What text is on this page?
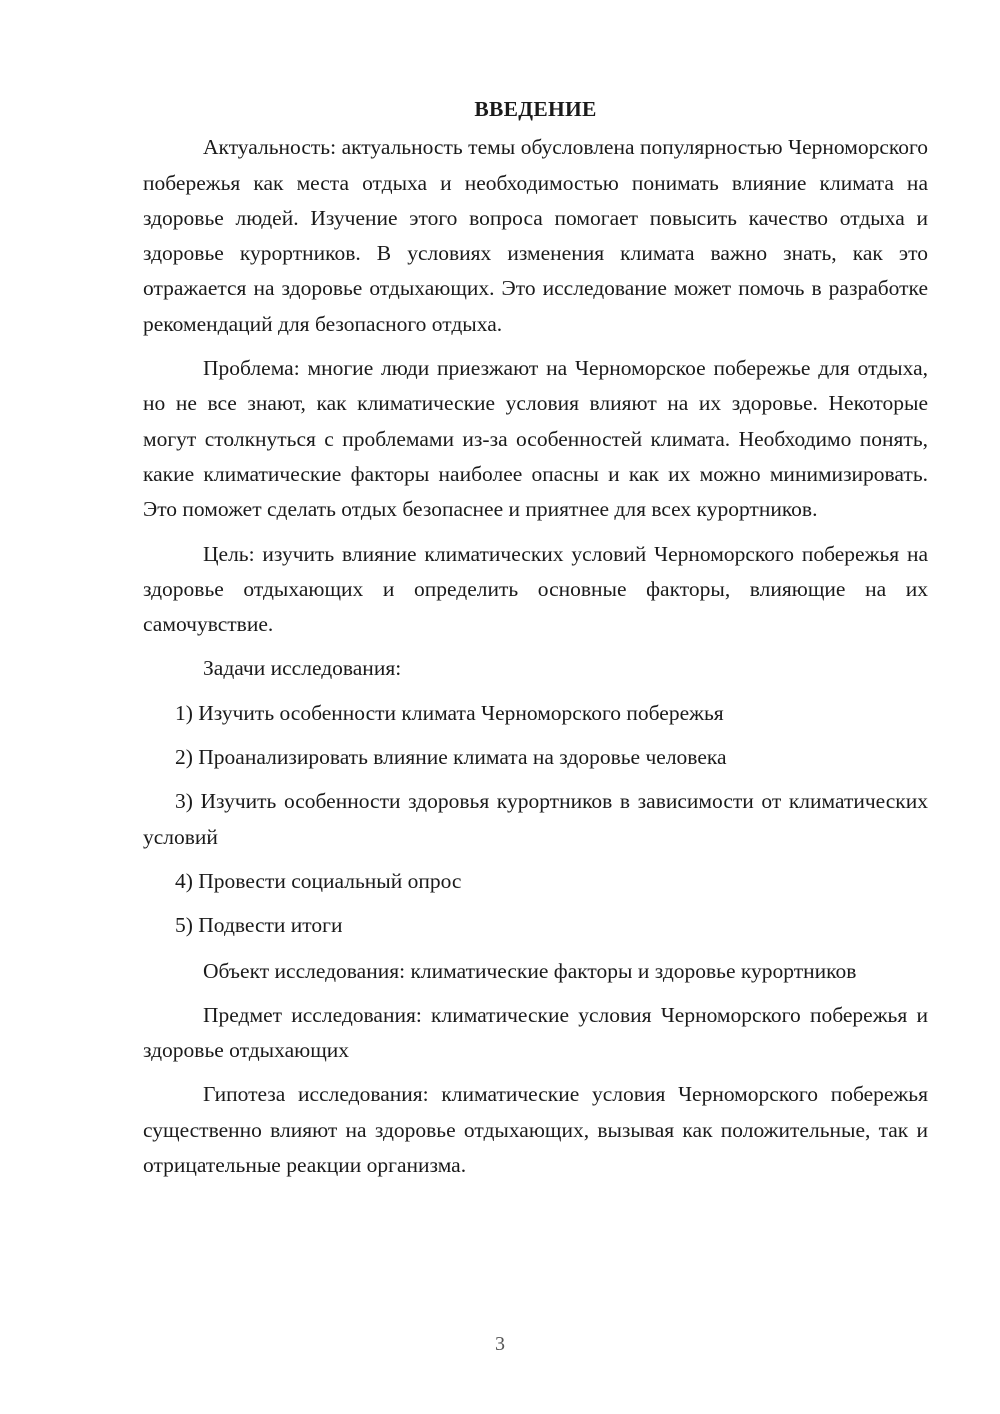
ВВЕДЕНИЕ

Актуальность: актуальность темы обусловлена популярностью Черноморского побережья как места отдыха и необходимостью понимать влияние климата на здоровье людей. Изучение этого вопроса помогает повысить качество отдыха и здоровье курортников. В условиях изменения климата важно знать, как это отражается на здоровье отдыхающих. Это исследование может помочь в разработке рекомендаций для безопасного отдыха.

Проблема: многие люди приезжают на Черноморское побережье для отдыха, но не все знают, как климатические условия влияют на их здоровье. Некоторые могут столкнуться с проблемами из-за особенностей климата. Необходимо понять, какие климатические факторы наиболее опасны и как их можно минимизировать. Это поможет сделать отдых безопаснее и приятнее для всех курортников.

Цель: изучить влияние климатических условий Черноморского побережья на здоровье отдыхающих и определить основные факторы, влияющие на их самочувствие.

Задачи исследования:

1) Изучить особенности климата Черноморского побережья

2) Проанализировать влияние климата на здоровье человека

3) Изучить особенности здоровья курортников в зависимости от климатических условий

4) Провести социальный опрос

5) Подвести итоги

Объект исследования: климатические факторы и здоровье курортников

Предмет исследования: климатические условия Черноморского побережья и здоровье отдыхающих

Гипотеза исследования: климатические условия Черноморского побережья существенно влияют на здоровье отдыхающих, вызывая как положительные, так и отрицательные реакции организма.

3
